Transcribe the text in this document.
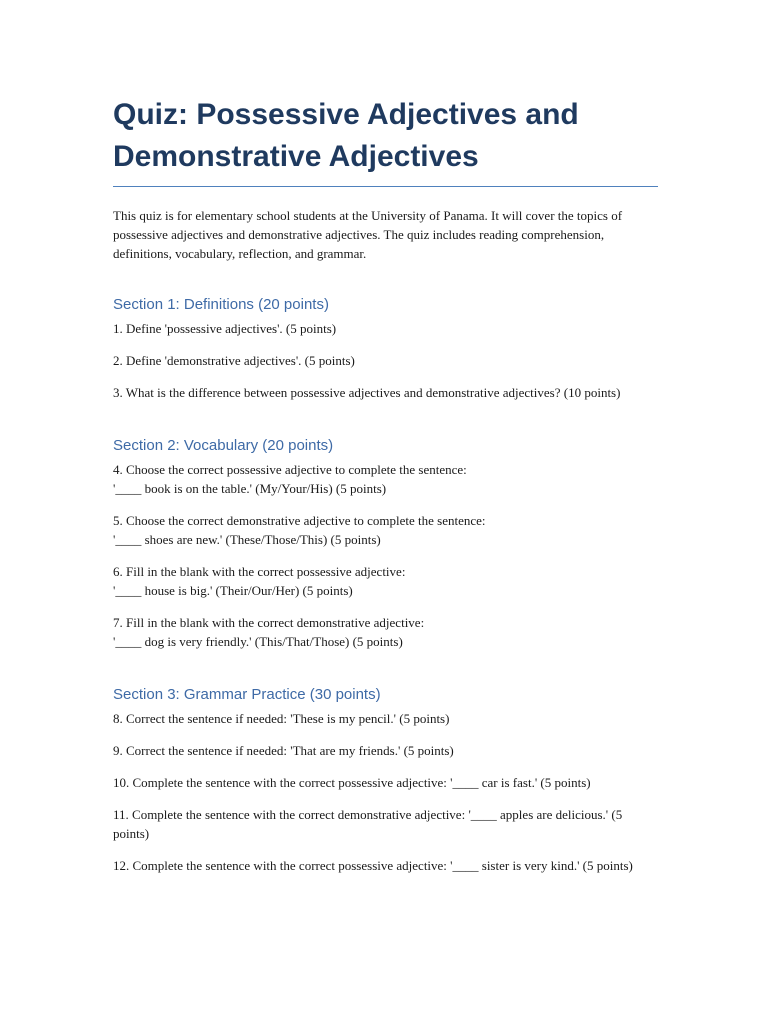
Quiz: Possessive Adjectives and Demonstrative Adjectives

This quiz is for elementary school students at the University of Panama. It will cover the topics of possessive adjectives and demonstrative adjectives. The quiz includes reading comprehension, definitions, vocabulary, reflection, and grammar.

Section 1: Definitions (20 points)

1. Define 'possessive adjectives'. (5 points)

2. Define 'demonstrative adjectives'. (5 points)

3. What is the difference between possessive adjectives and demonstrative adjectives? (10 points)

Section 2: Vocabulary (20 points)

4. Choose the correct possessive adjective to complete the sentence:

'____ book is on the table.' (My/Your/His) (5 points)

5. Choose the correct demonstrative adjective to complete the sentence:

'____ shoes are new.' (These/Those/This) (5 points)

6. Fill in the blank with the correct possessive adjective:

'____ house is big.' (Their/Our/Her) (5 points)

7. Fill in the blank with the correct demonstrative adjective:

'____ dog is very friendly.' (This/That/Those) (5 points)

Section 3: Grammar Practice (30 points)

8. Correct the sentence if needed: 'These is my pencil.' (5 points)

9. Correct the sentence if needed: 'That are my friends.' (5 points)

10. Complete the sentence with the correct possessive adjective: '____ car is fast.' (5 points)

11. Complete the sentence with the correct demonstrative adjective: '____ apples are delicious.' (5 points)

12. Complete the sentence with the correct possessive adjective: '____ sister is very kind.' (5 points)
